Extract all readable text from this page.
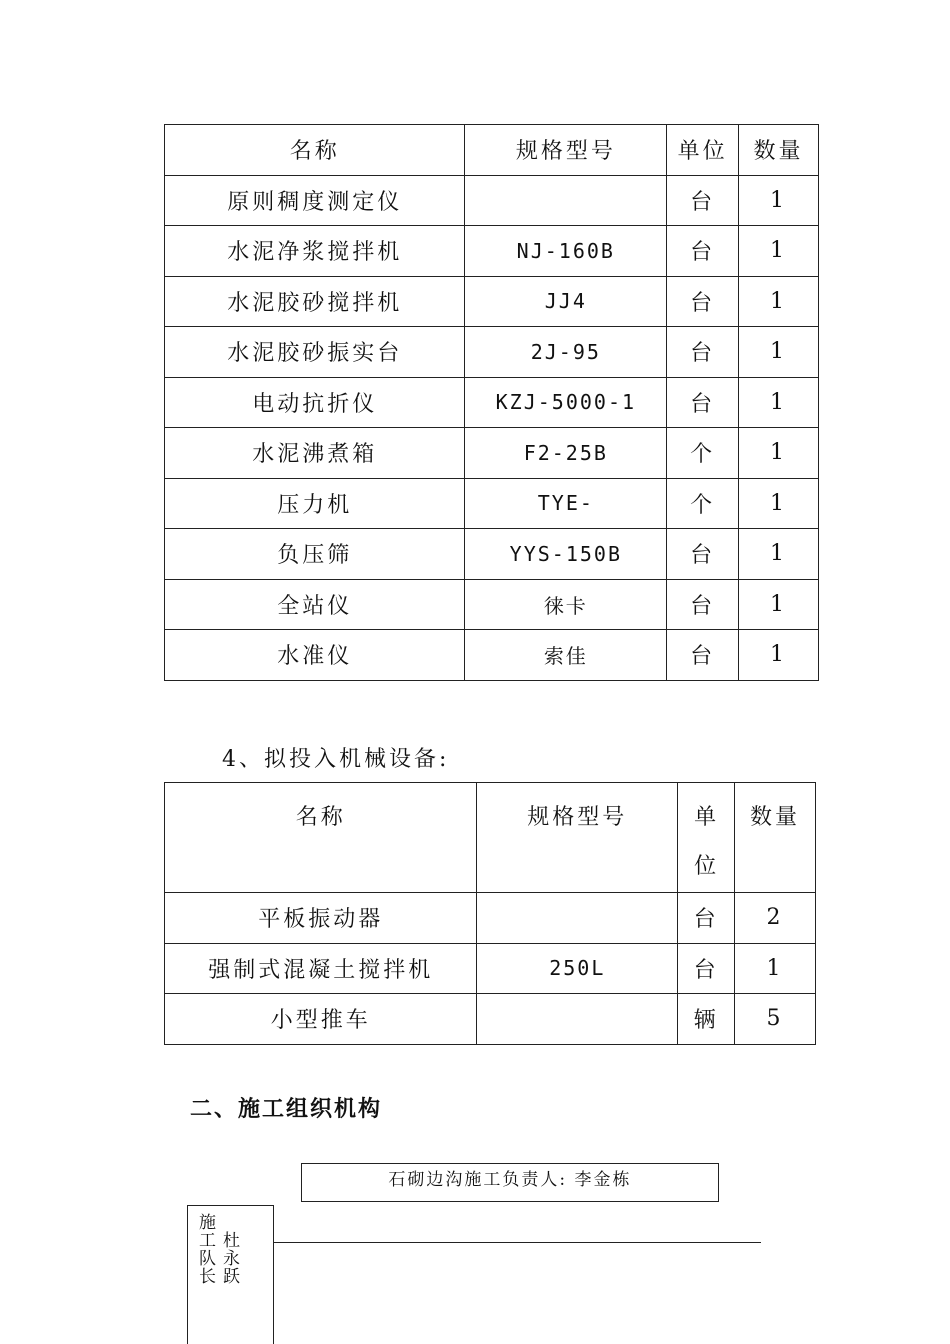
名称	规格型号	单位	数量
原则稠度测定仪		台	1
水泥净浆搅拌机	NJ-160B	台	1
水泥胶砂搅拌机	JJ4	台	1
水泥胶砂振实台	2J-95	台	1
电动抗折仪	KZJ-5000-1	台	1
水泥沸煮箱	F2-25B	个	1
压力机	TYE-	个	1
负压筛	YYS-150B	台	1
全站仪	徕卡	台	1
水准仪	索佳	台	1

4、拟投入机械设备:

名称	规格型号	单位	数量
平板振动器		台	2
强制式混凝土搅拌机	250L	台	1
小型推车		辆	5
二、施工组织机构
石砌边沟施工负责人: 李金栋
施工队长
杜永跃
